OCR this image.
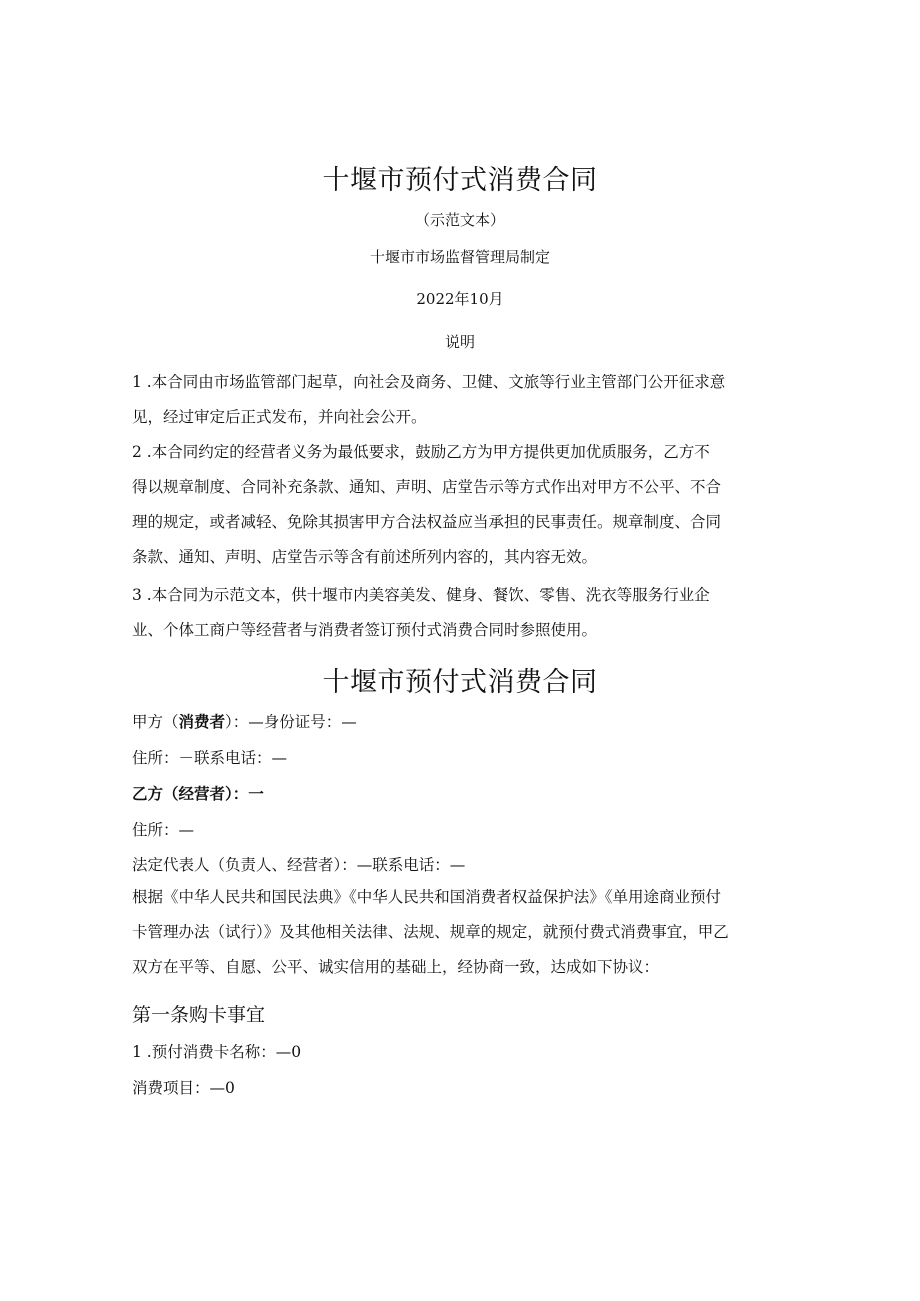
十堰市预付式消费合同
（示范文本）
十堰市市场监督管理局制定
2022年10月
说明
1 .本合同由市场监管部门起草，向社会及商务、卫健、文旅等行业主管部门公开征求意
见，经过审定后正式发布，并向社会公开。
2 .本合同约定的经营者义务为最低要求，鼓励乙方为甲方提供更加优质服务，乙方不
得以规章制度、合同补充条款、通知、声明、店堂告示等方式作出对甲方不公平、不合
理的规定，或者减轻、免除其损害甲方合法权益应当承担的民事责任。规章制度、合同
条款、通知、声明、店堂告示等含有前述所列内容的，其内容无效。
3 .本合同为示范文本，供十堰市内美容美发、健身、餐饮、零售、洗衣等服务行业企
业、个体工商户等经营者与消费者签订预付式消费合同时参照使用。
十堰市预付式消费合同
甲方（消费者）：—身份证号：—
住所：－联系电话：—
乙方（经营者）：一
住所：—
法定代表人（负责人、经营者）：—联系电话：—
根据《中华人民共和国民法典》《中华人民共和国消费者权益保护法》《单用途商业预付
卡管理办法（试行）》及其他相关法律、法规、规章的规定，就预付费式消费事宜，甲乙
双方在平等、自愿、公平、诚实信用的基础上，经协商一致，达成如下协议：
第一条购卡事宜
1 .预付消费卡名称：—0
消费项目：—0
